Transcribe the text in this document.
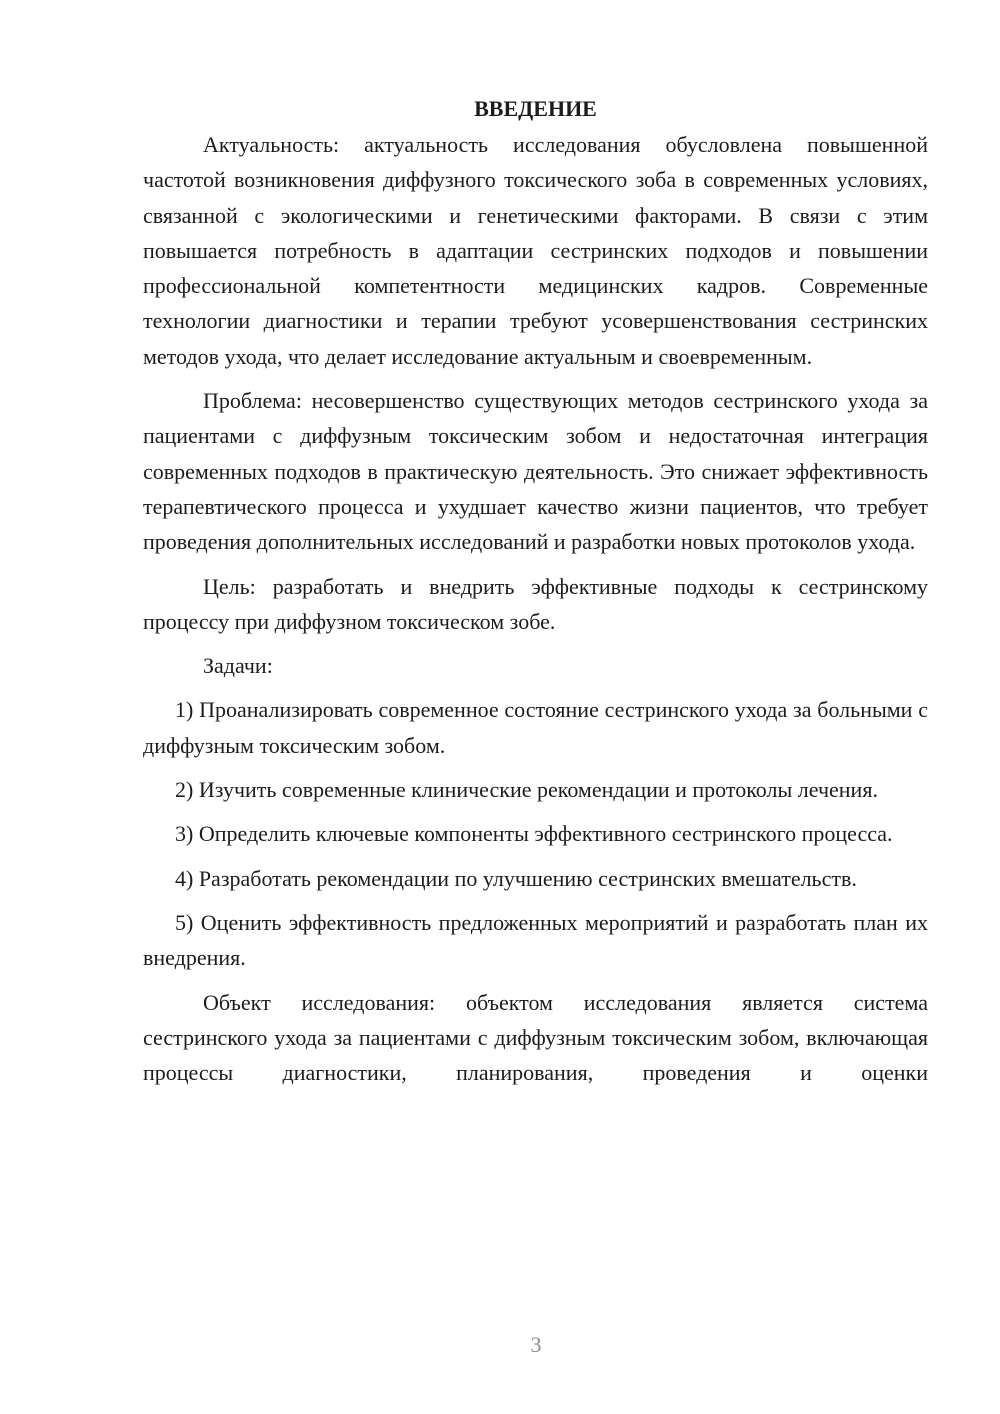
ВВЕДЕНИЕ

Актуальность: актуальность исследования обусловлена повышенной частотой возникновения диффузного токсического зоба в современных условиях, связанной с экологическими и генетическими факторами. В связи с этим повышается потребность в адаптации сестринских подходов и повышении профессиональной компетентности медицинских кадров. Современные технологии диагностики и терапии требуют усовершенствования сестринских методов ухода, что делает исследование актуальным и своевременным.

Проблема: несовершенство существующих методов сестринского ухода за пациентами с диффузным токсическим зобом и недостаточная интеграция современных подходов в практическую деятельность. Это снижает эффективность терапевтического процесса и ухудшает качество жизни пациентов, что требует проведения дополнительных исследований и разработки новых протоколов ухода.

Цель: разработать и внедрить эффективные подходы к сестринскому процессу при диффузном токсическом зобе.

Задачи:

1) Проанализировать современное состояние сестринского ухода за больными с диффузным токсическим зобом.

2) Изучить современные клинические рекомендации и протоколы лечения.

3) Определить ключевые компоненты эффективного сестринского процесса.

4) Разработать рекомендации по улучшению сестринских вмешательств.

5) Оценить эффективность предложенных мероприятий и разработать план их внедрения.

Объект исследования: объектом исследования является система сестринского ухода за пациентами с диффузным токсическим зобом, включающая процессы диагностики, планирования, проведения и оценки

3
